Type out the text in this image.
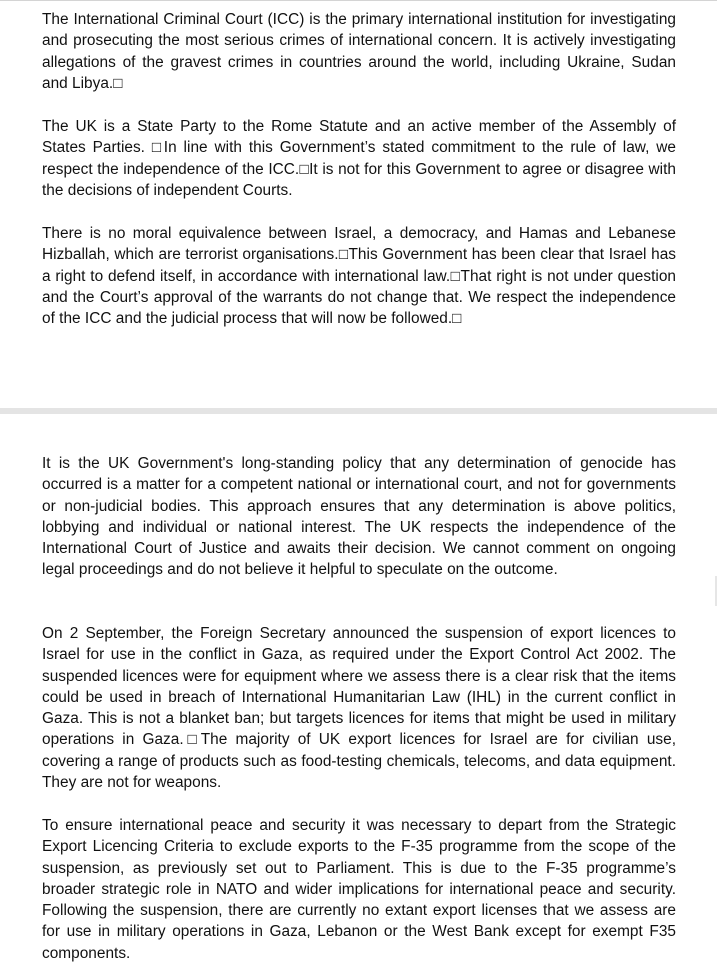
The International Criminal Court (ICC) is the primary international institution for investigating and prosecuting the most serious crimes of international concern. It is actively investigating allegations of the gravest crimes in countries around the world, including Ukraine, Sudan and Libya.□

The UK is a State Party to the Rome Statute and an active member of the Assembly of States Parties. □In line with this Government’s stated commitment to the rule of law, we respect the independence of the ICC.□It is not for this Government to agree or disagree with the decisions of independent Courts.

There is no moral equivalence between Israel, a democracy, and Hamas and Lebanese Hizballah, which are terrorist organisations.□This Government has been clear that Israel has a right to defend itself, in accordance with international law.□That right is not under question and the Court’s approval of the warrants do not change that. We respect the independence of the ICC and the judicial process that will now be followed.□

It is the UK Government's long-standing policy that any determination of genocide has occurred is a matter for a competent national or international court, and not for governments or non-judicial bodies. This approach ensures that any determination is above politics, lobbying and individual or national interest. The UK respects the independence of the International Court of Justice and awaits their decision. We cannot comment on ongoing legal proceedings and do not believe it helpful to speculate on the outcome.

On 2 September, the Foreign Secretary announced the suspension of export licences to Israel for use in the conflict in Gaza, as required under the Export Control Act 2002. The suspended licences were for equipment where we assess there is a clear risk that the items could be used in breach of International Humanitarian Law (IHL) in the current conflict in Gaza. This is not a blanket ban; but targets licences for items that might be used in military operations in Gaza.□The majority of UK export licences for Israel are for civilian use, covering a range of products such as food-testing chemicals, telecoms, and data equipment. They are not for weapons.

To ensure international peace and security it was necessary to depart from the Strategic Export Licencing Criteria to exclude exports to the F-35 programme from the scope of the suspension, as previously set out to Parliament. This is due to the F-35 programme’s broader strategic role in NATO and wider implications for international peace and security. Following the suspension, there are currently no extant export licenses that we assess are for use in military operations in Gaza, Lebanon or the West Bank except for exempt F35 components.
